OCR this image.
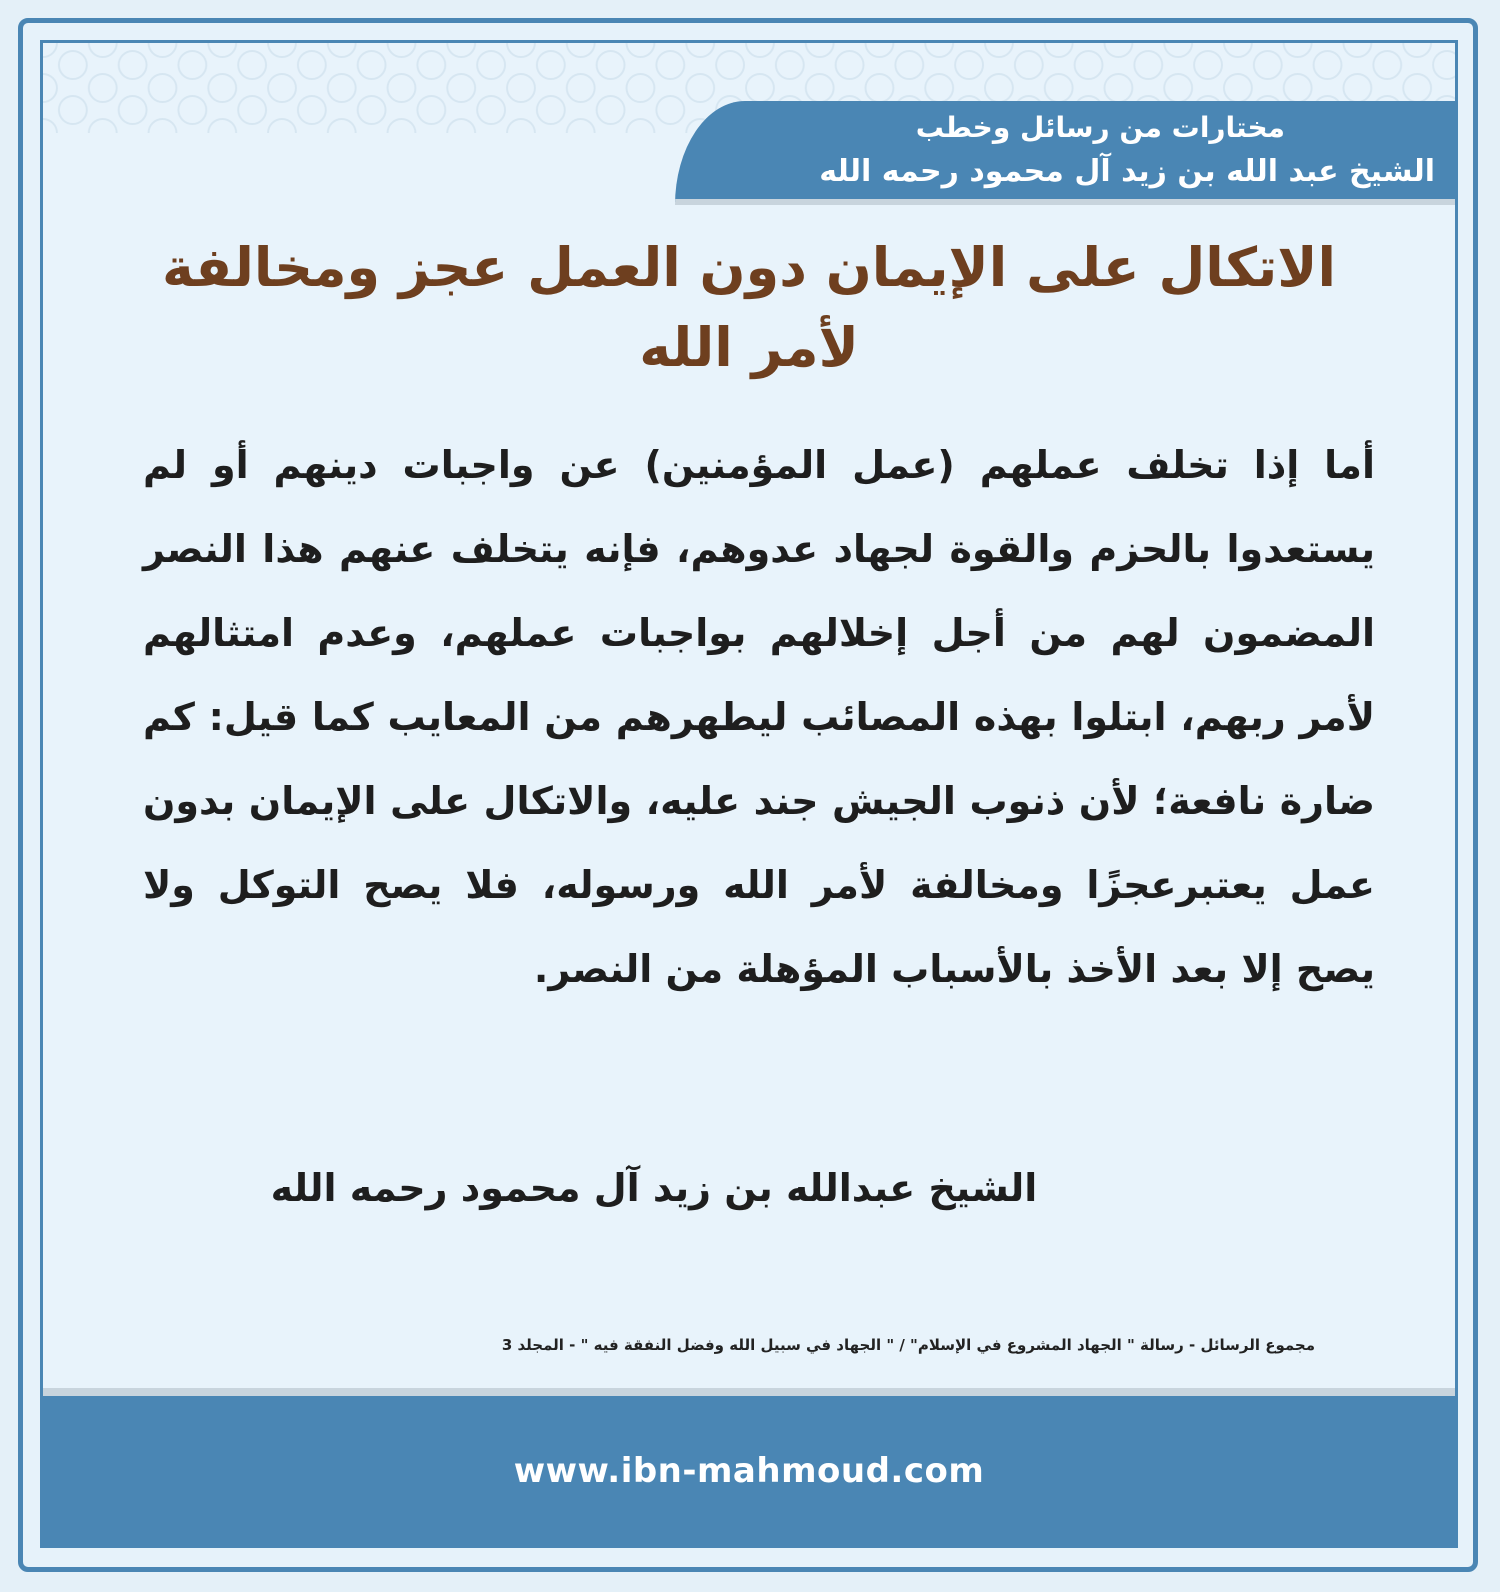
مختارات من رسائل وخطب
الشيخ عبد الله بن زيد آل محمود رحمه الله
الاتكال على الإيمان دون العمل عجز ومخالفة لأمر الله
أما إذا تخلف عملهم (عمل المؤمنين) عن واجبات دينهم أو لم يستعدوا بالحزم والقوة لجهاد عدوهم، فإنه يتخلف عنهم هذا النصر المضمون لهم من أجل إخلالهم بواجبات عملهم، وعدم امتثالهم لأمر ربهم، ابتلوا بهذه المصائب ليطهرهم من المعايب كما قيل: كم ضارة نافعة؛ لأن ذنوب الجيش جند عليه، والاتكال على الإيمان بدون عمل يعتبرعجزًا ومخالفة لأمر الله ورسوله، فلا يصح التوكل ولا يصح إلا بعد الأخذ بالأسباب المؤهلة من النصر.
الشيخ عبدالله بن زيد آل محمود رحمه الله
مجموع الرسائل - رسالة " الجهاد المشروع في الإسلام" / " الجهاد في سبيل الله وفضل النفقة فيه " - المجلد 3
www.ibn-mahmoud.com
